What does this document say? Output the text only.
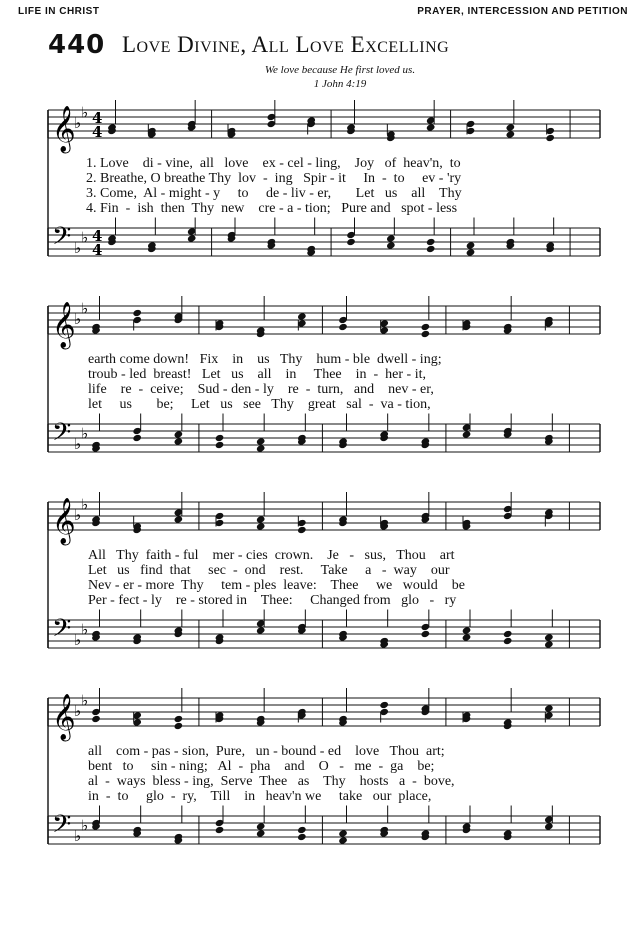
LIFE IN CHRIST	PRAYER, INTERCESSION AND PETITION
440 Love Divine, All Love Excelling
We love because He first loved us.
1 John 4:19
𝄞
♭
♭ 4
4
𝄢 ♭
♭ 4
4
1. Love    di - vine,  all   love    ex - cel - ling,    Joy   of  heav'n,  to
2. Breathe, O breathe Thy  lov  -  ing   Spir - it     In  -  to     ev - 'ry
3. Come,  Al - might - y     to     de - liv - er,       Let   us    all    Thy
4. Fin  -  ish  then  Thy  new    cre - a - tion;   Pure and   spot - less
𝄞
♭
♭
𝄢 ♭
♭
earth come down!   Fix    in    us   Thy    hum - ble  dwell - ing;
troub - led  breast!   Let   us    all    in     Thee    in  -  her - it,
life    re  -  ceive;    Sud - den - ly    re  -  turn,   and    nev - er,
let     us       be;     Let   us   see   Thy    great   sal  -  va - tion,
𝄞
♭
♭
𝄢 ♭
♭
All   Thy  faith - ful    mer - cies  crown.    Je   -   sus,   Thou    art
Let   us   find  that     sec  -  ond    rest.     Take     a   -  way    our
Nev - er - more  Thy     tem - ples  leave:    Thee     we   would    be
Per - fect - ly    re - stored in    Thee:     Changed from   glo   -   ry
𝄞
♭
♭
𝄢 ♭
♭
all    com - pas - sion,  Pure,   un - bound - ed    love   Thou  art;
bent   to     sin - ning;   Al  -  pha    and    O   -   me  -  ga    be;
al  -  ways  bless - ing,  Serve  Thee   as    Thy    hosts   a  -  bove,
in  -  to     glo  -  ry,    Till    in   heav'n we     take   our  place,
